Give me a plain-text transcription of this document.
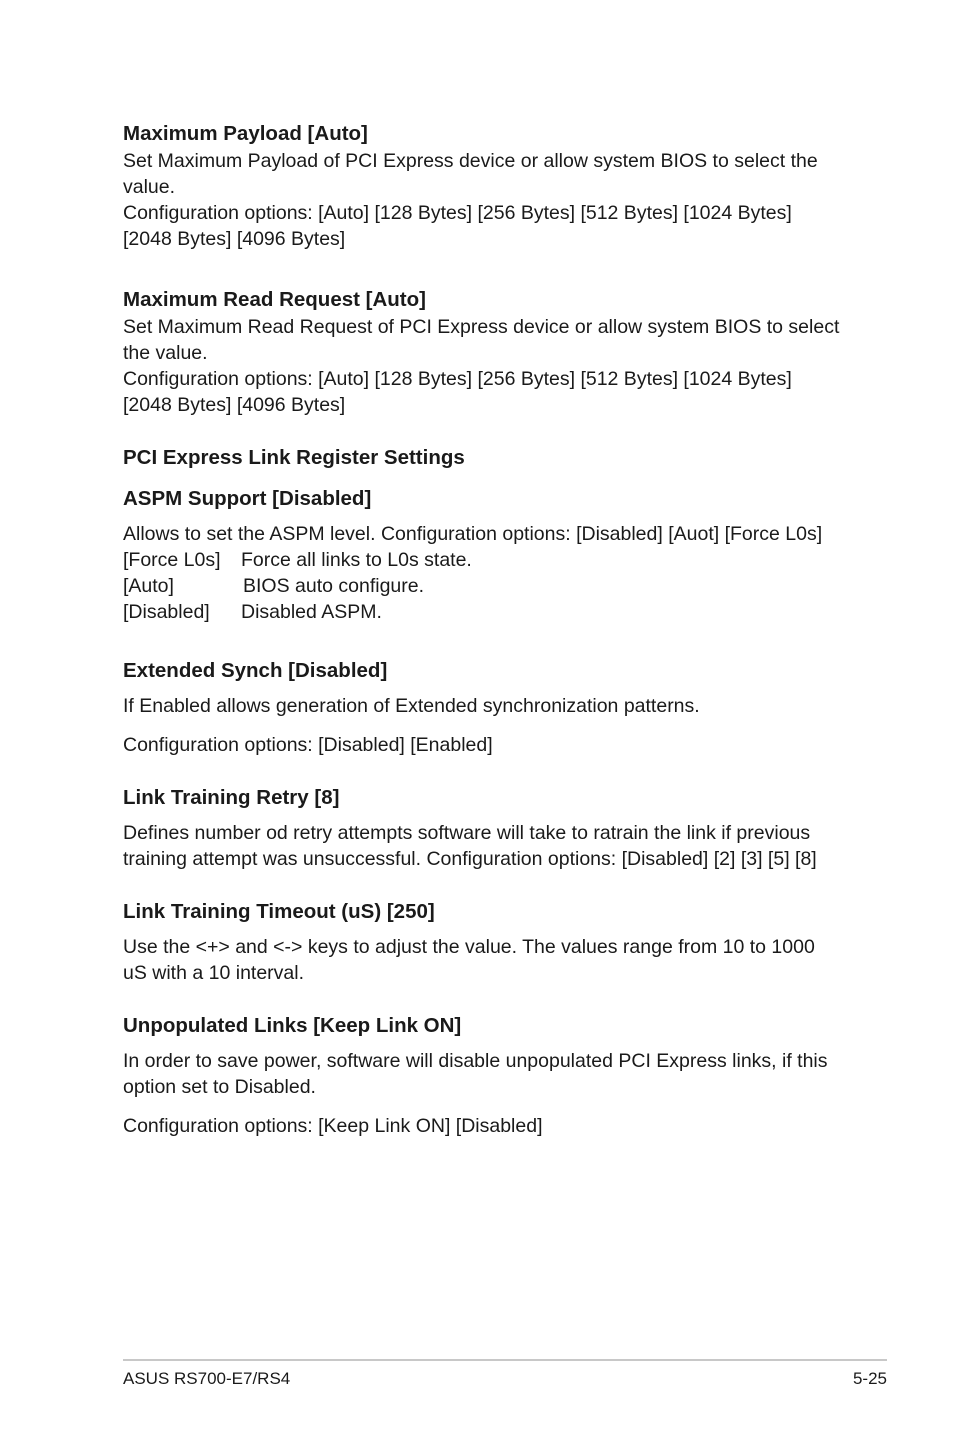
Maximum Payload [Auto]

Set Maximum Payload of PCI Express device or allow system BIOS to select the

value.

Configuration options: [Auto] [128 Bytes] [256 Bytes] [512 Bytes] [1024 Bytes]

[2048 Bytes] [4096 Bytes]

Maximum Read Request [Auto]

Set Maximum Read Request of PCI Express device or allow system BIOS to select

the value.

Configuration options: [Auto] [128 Bytes] [256 Bytes] [512 Bytes] [1024 Bytes]

[2048 Bytes] [4096 Bytes]

PCI Express Link Register Settings

ASPM Support [Disabled]

Allows to set the ASPM level. Configuration options: [Disabled] [Auot] [Force L0s]

[Force L0s]	Force all links to L0s state.
[Auto]	BIOS auto configure.
[Disabled]	Disabled ASPM.

Extended Synch [Disabled]

If Enabled allows generation of Extended synchronization patterns.

Configuration options: [Disabled] [Enabled]

Link Training Retry [8]

Defines number od retry attempts software will take to ratrain the link if previous

training attempt was unsuccessful. Configuration options: [Disabled] [2] [3] [5] [8]

Link Training Timeout (uS) [250]

Use the <+> and <-> keys to adjust the value. The values range from 10 to 1000

uS with a 10 interval.

Unpopulated Links [Keep Link ON]

In order to save power, software will disable unpopulated PCI Express links, if this

option set to Disabled.

Configuration options: [Keep Link ON] [Disabled]

ASUS RS700-E7/RS4	5-25
